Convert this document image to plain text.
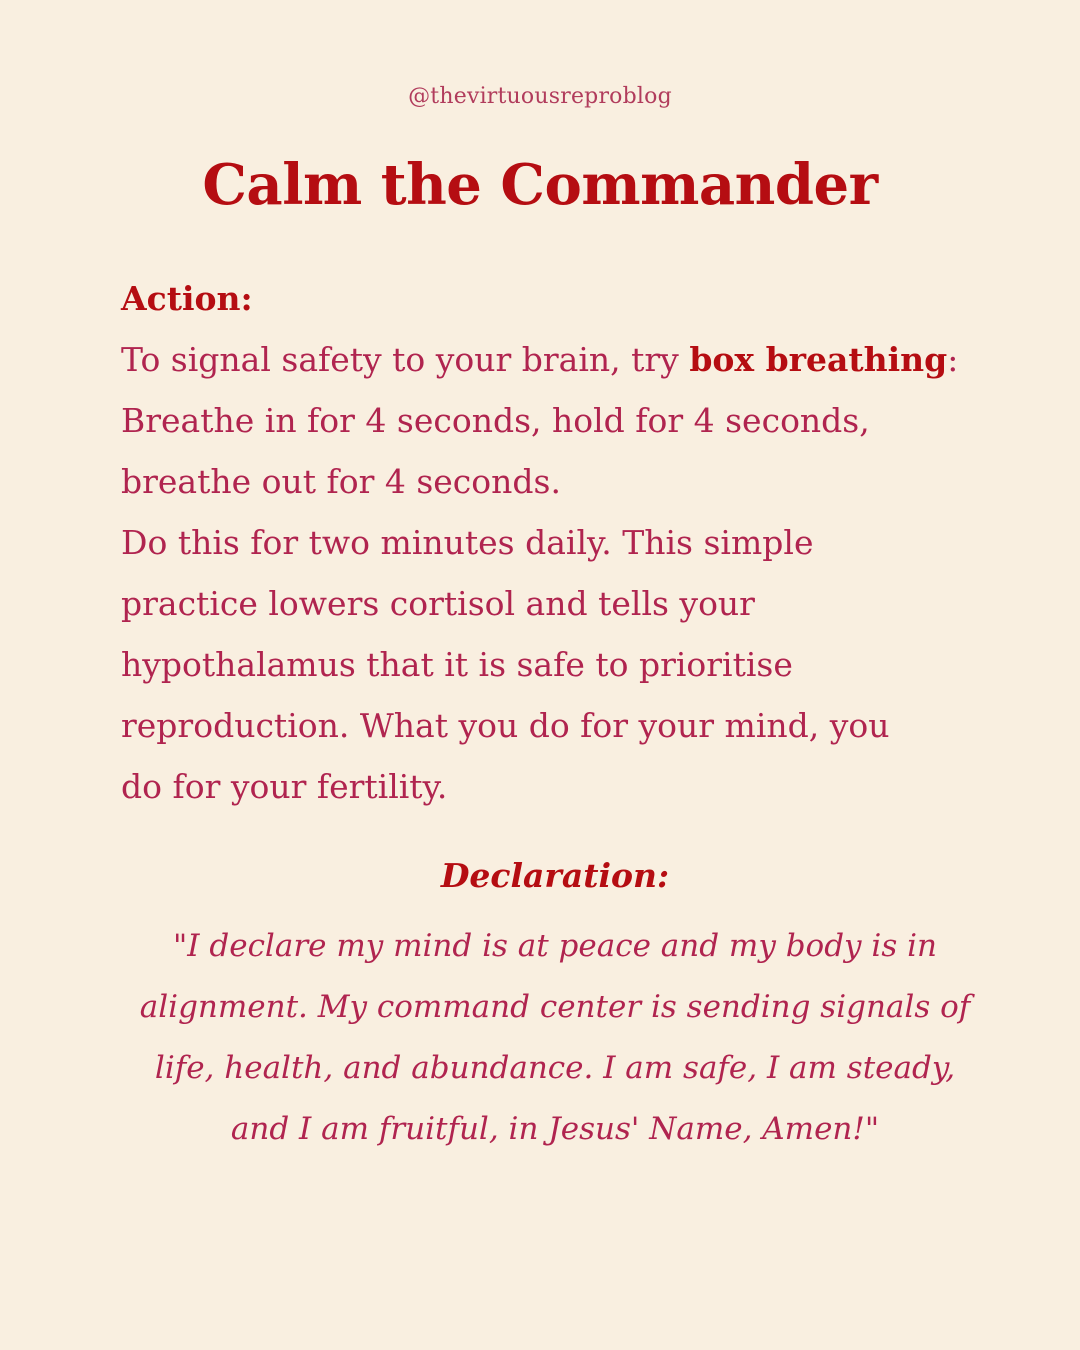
@thevirtuousreproblog
Calm the Commander
Action:
To signal safety to your brain, try box breathing:
Breathe in for 4 seconds, hold for 4 seconds,
breathe out for 4 seconds.
Do this for two minutes daily. This simple
practice lowers cortisol and tells your
hypothalamus that it is safe to prioritise
reproduction. What you do for your mind, you
do for your fertility.
Declaration:
"I declare my mind is at peace and my body is in
alignment. My command center is sending signals of
life, health, and abundance. I am safe, I am steady,
and I am fruitful, in Jesus' Name, Amen!"
